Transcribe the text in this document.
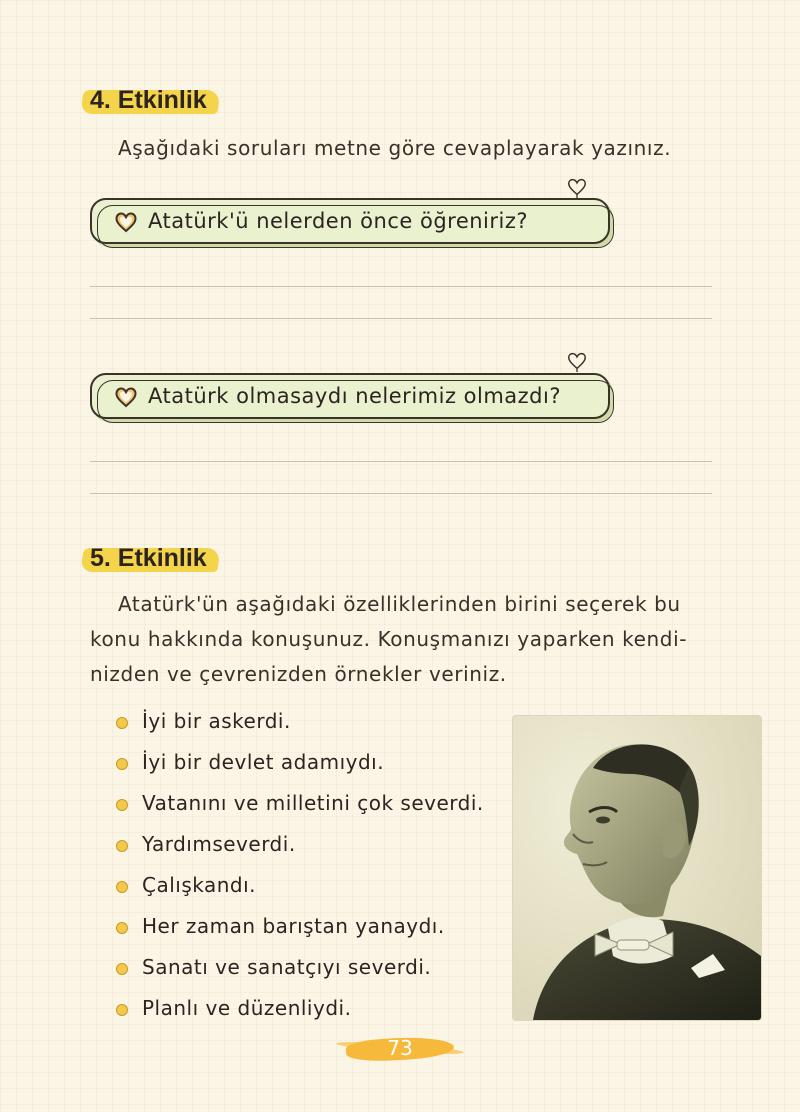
4. Etkinlik
Aşağıdaki soruları metne göre cevaplayarak yazınız.
Atatürk'ü nelerden önce öğreniriz?
Atatürk olmasaydı nelerimiz olmazdı?
5. Etkinlik
Atatürk'ün aşağıdaki özelliklerinden birini seçerek bu
konu hakkında konuşunuz. Konuşmanızı yaparken kendi-
nizden ve çevrenizden örnekler veriniz.
İyi bir askerdi.
İyi bir devlet adamıydı.
Vatanını ve milletini çok severdi.
Yardımseverdi.
Çalışkandı.
Her zaman barıştan yanaydı.
Sanatı ve sanatçıyı severdi.
Planlı ve düzenliydi.
73
